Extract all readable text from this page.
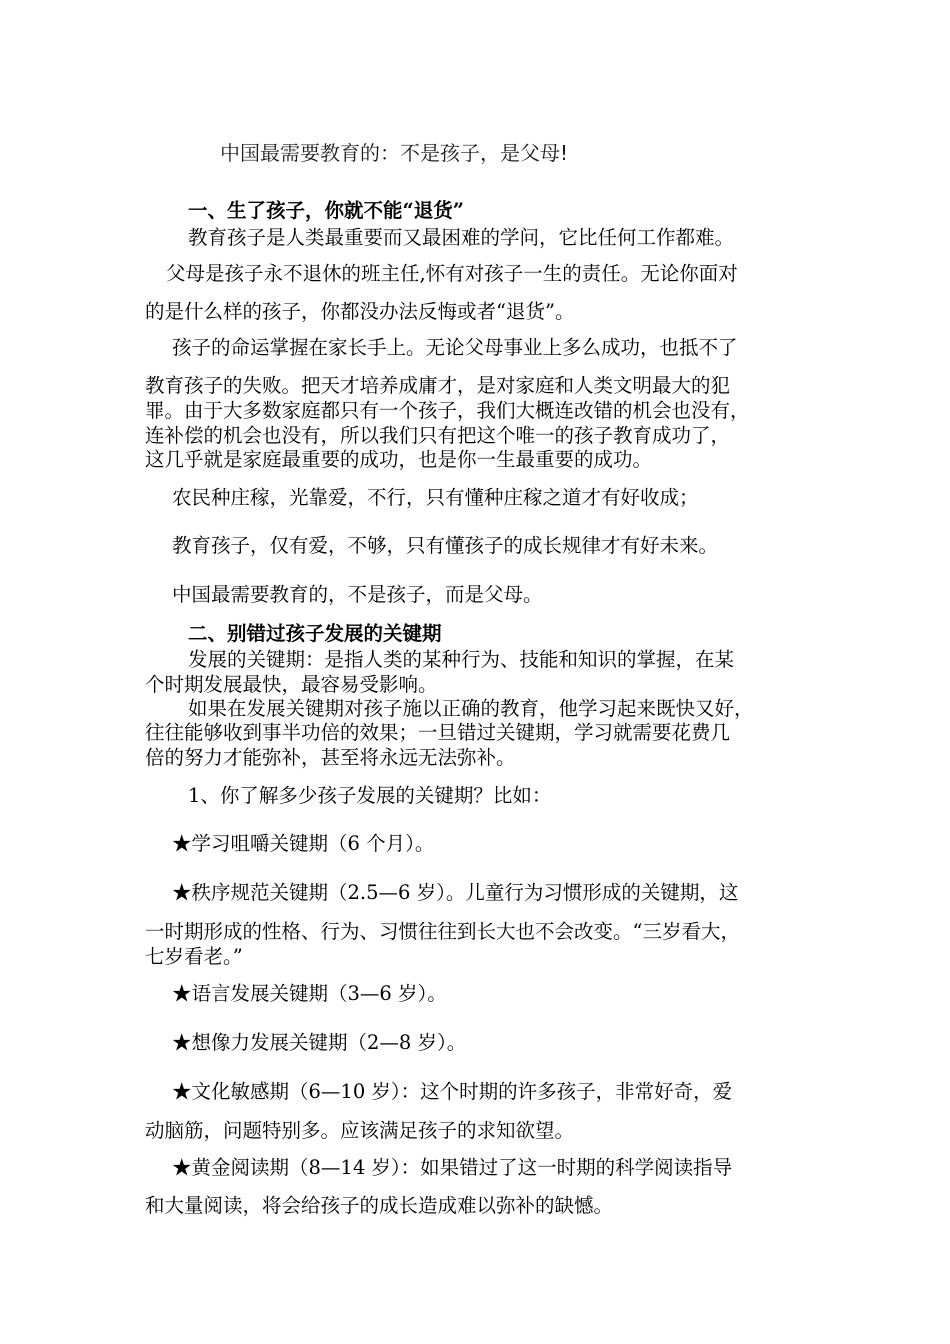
中国最需要教育的：不是孩子，是父母!

一、生了孩子，你就不能“退货”

教育孩子是人类最重要而又最困难的学问，它比任何工作都难。

父母是孩子永不退休的班主任,怀有对孩子一生的责任。无论你面对

的是什么样的孩子，你都没办法反悔或者“退货”。

孩子的命运掌握在家长手上。无论父母事业上多么成功，也抵不了

教育孩子的失败。把天才培养成庸才，是对家庭和人类文明最大的犯

罪。由于大多数家庭都只有一个孩子，我们大概连改错的机会也没有，

连补偿的机会也没有，所以我们只有把这个唯一的孩子教育成功了，

这几乎就是家庭最重要的成功，也是你一生最重要的成功。

农民种庄稼，光靠爱，不行，只有懂种庄稼之道才有好收成；

教育孩子，仅有爱，不够，只有懂孩子的成长规律才有好未来。

中国最需要教育的，不是孩子，而是父母。

二、别错过孩子发展的关键期

发展的关键期：是指人类的某种行为、技能和知识的掌握，在某

个时期发展最快，最容易受影响。

如果在发展关键期对孩子施以正确的教育，他学习起来既快又好，

往往能够收到事半功倍的效果；一旦错过关键期，学习就需要花费几

倍的努力才能弥补，甚至将永远无法弥补。

1、你了解多少孩子发展的关键期？比如：

★学习咀嚼关键期（6 个月）。

★秩序规范关键期（2.5—6 岁）。儿童行为习惯形成的关键期，这

一时期形成的性格、行为、习惯往往到长大也不会改变。“三岁看大，

七岁看老。”

★语言发展关键期（3—6 岁）。

★想像力发展关键期（2—8 岁）。

★文化敏感期（6—10 岁）：这个时期的许多孩子，非常好奇，爱

动脑筋，问题特别多。应该满足孩子的求知欲望。

★黄金阅读期（8—14 岁）：如果错过了这一时期的科学阅读指导

和大量阅读，将会给孩子的成长造成难以弥补的缺憾。
